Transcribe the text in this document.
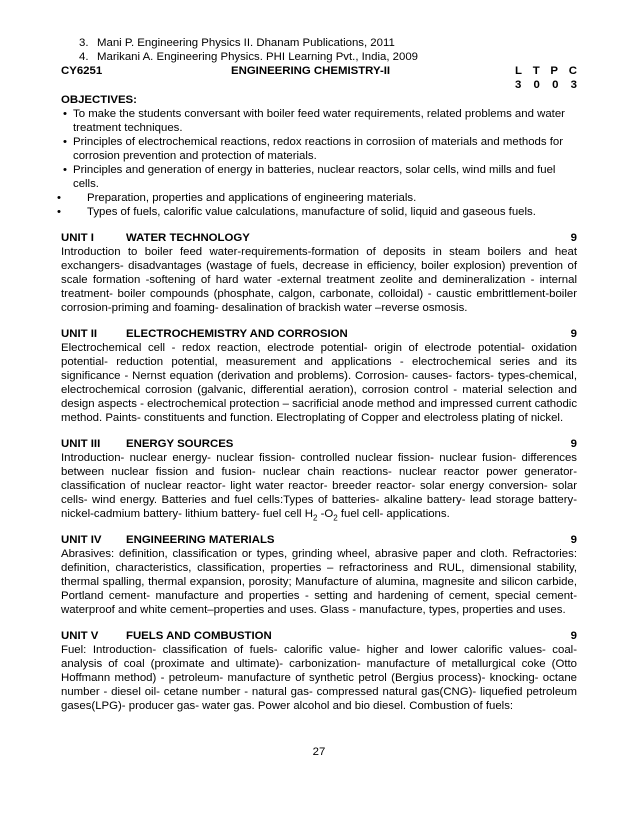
3. Mani P. Engineering Physics II. Dhanam Publications, 2011

4. Marikani A. Engineering Physics. PHI Learning Pvt., India, 2009

CY6251	ENGINEERING CHEMISTRY-II	L T P C
3 0 0 3
OBJECTIVES:
• To make the students conversant with boiler feed water requirements, related problems and water treatment techniques.
• Principles of electrochemical reactions, redox reactions in corrosiion of materials and methods for corrosion prevention and protection of materials.
• Principles and generation of energy in batteries, nuclear reactors, solar cells, wind mills and fuel cells.
• Preparation, properties and applications of engineering materials.
• Types of fuels, calorific value calculations, manufacture of solid, liquid and gaseous fuels.
UNIT I	WATER TECHNOLOGY	9

Introduction to boiler feed water-requirements-formation of deposits in steam boilers and heat exchangers- disadvantages (wastage of fuels, decrease in efficiency, boiler explosion) prevention of scale formation -softening of hard water -external treatment zeolite and demineralization - internal treatment- boiler compounds (phosphate, calgon, carbonate, colloidal) - caustic embrittlement-boiler corrosion-priming and foaming- desalination of brackish water –reverse osmosis.

UNIT II	ELECTROCHEMISTRY AND CORROSION	9

Electrochemical cell - redox reaction, electrode potential- origin of electrode potential- oxidation potential- reduction potential, measurement and applications - electrochemical series and its significance - Nernst equation (derivation and problems). Corrosion- causes- factors- types-chemical, electrochemical corrosion (galvanic, differential aeration), corrosion control - material selection and design aspects - electrochemical protection – sacrificial anode method and impressed current cathodic method. Paints- constituents and function. Electroplating of Copper and electroless plating of nickel.

UNIT III	ENERGY SOURCES	9

Introduction- nuclear energy- nuclear fission- controlled nuclear fission- nuclear fusion- differences between nuclear fission and fusion- nuclear chain reactions- nuclear reactor power generator- classification of nuclear reactor- light water reactor- breeder reactor- solar energy conversion- solar cells- wind energy. Batteries and fuel cells:Types of batteries- alkaline battery- lead storage battery- nickel-cadmium battery- lithium battery- fuel cell $H_2$ $-O_2$ fuel cell- applications.

UNIT IV	ENGINEERING MATERIALS	9

Abrasives: definition, classification or types, grinding wheel, abrasive paper and cloth. Refractories: definition, characteristics, classification, properties – refractoriness and RUL, dimensional stability, thermal spalling, thermal expansion, porosity; Manufacture of alumina, magnesite and silicon carbide, Portland cement- manufacture and properties - setting and hardening of cement, special cement- waterproof and white cement–properties and uses. Glass - manufacture, types, properties and uses.

UNIT V	FUELS AND COMBUSTION	9

Fuel: Introduction- classification of fuels- calorific value- higher and lower calorific values- coal- analysis of coal (proximate and ultimate)- carbonization- manufacture of metallurgical coke (Otto Hoffmann method) - petroleum- manufacture of synthetic petrol (Bergius process)- knocking- octane number - diesel oil- cetane number - natural gas- compressed natural gas(CNG)- liquefied petroleum gases(LPG)- producer gas- water gas. Power alcohol and bio diesel. Combustion of fuels:

27
